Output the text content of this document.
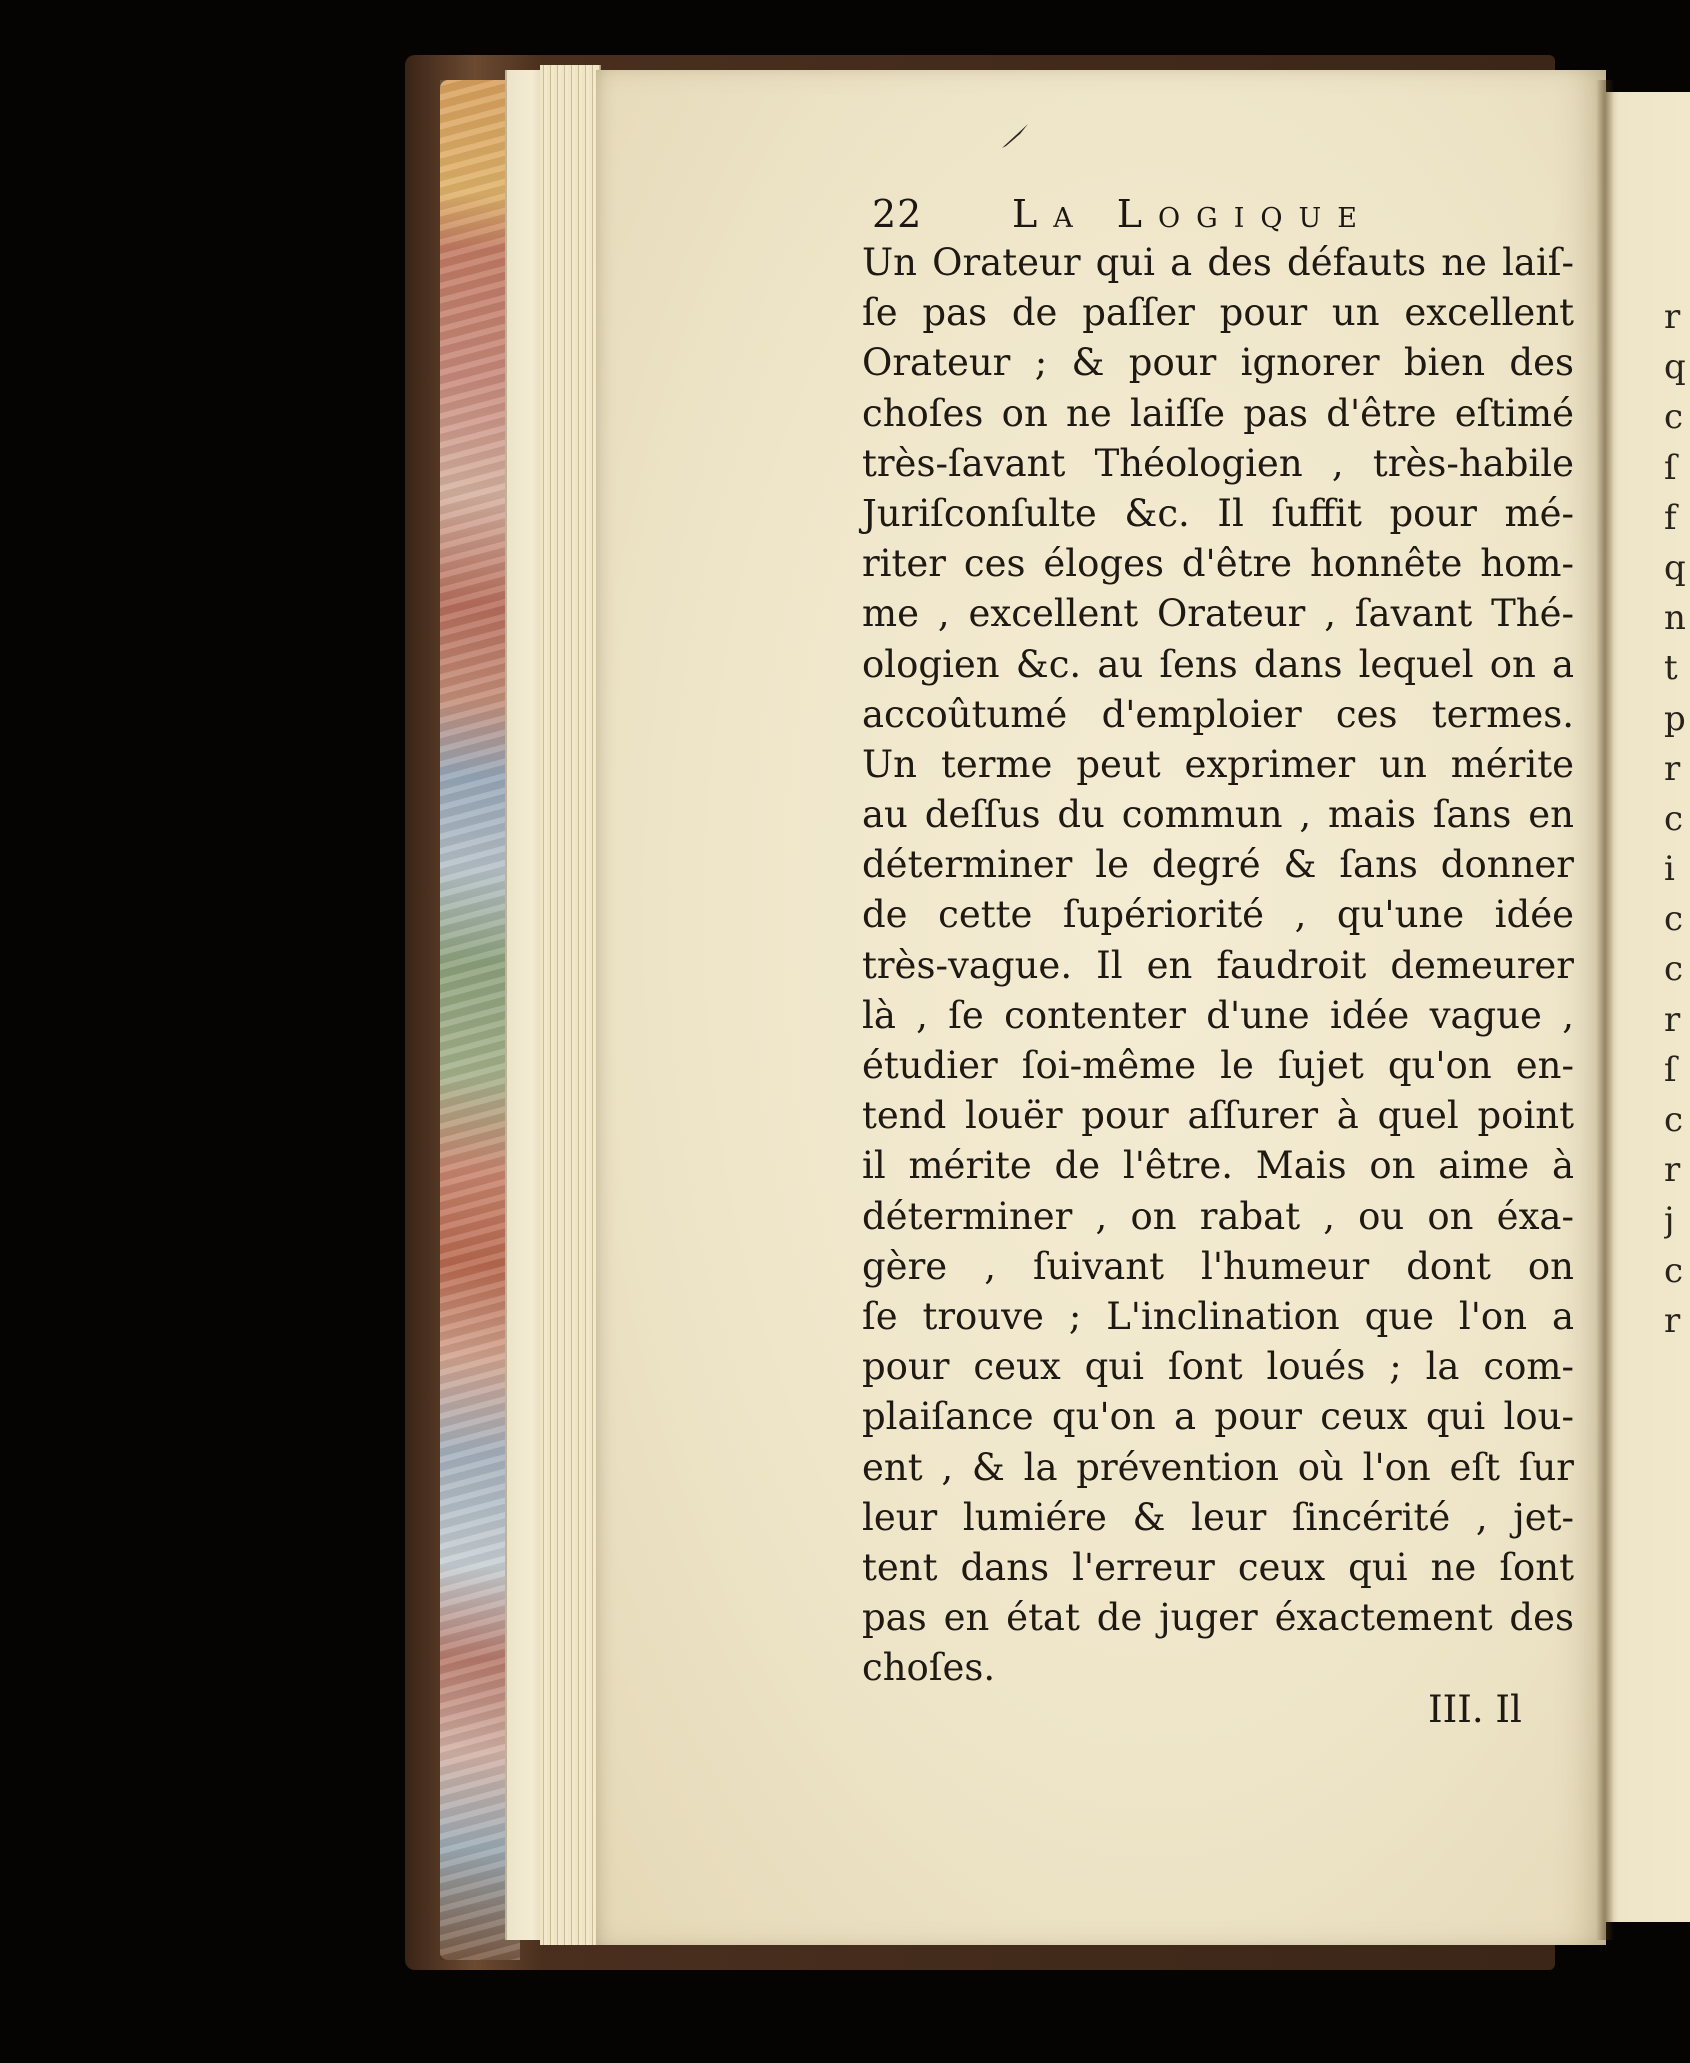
22 La Logique
Un Orateur qui a des défauts ne laiſ-
ſe pas de paſſer pour un excellent
Orateur ; & pour ignorer bien des
choſes on ne laiſſe pas d'être eſtimé
très-ſavant Théologien , très-habile
Juriſconſulte &c. Il ſuffit pour mé-
riter ces éloges d'être honnête hom-
me , excellent Orateur , ſavant Thé-
ologien &c. au ſens dans lequel on a
accoûtumé d'emploier ces termes.
Un terme peut exprimer un mérite
au deſſus du commun , mais ſans en
déterminer le degré & ſans donner
de cette ſupériorité , qu'une idée
très-vague. Il en faudroit demeurer
là , ſe contenter d'une idée vague ,
étudier ſoi-même le ſujet qu'on en-
tend louër pour aſſurer à quel point
il mérite de l'être. Mais on aime à
déterminer , on rabat , ou on éxa-
gère , ſuivant l'humeur dont on
ſe trouve ; L'inclination que l'on a
pour ceux qui ſont loués ; la com-
plaiſance qu'on a pour ceux qui lou-
ent , & la prévention où l'on eſt ſur
leur lumiére & leur ſincérité , jet-
tent dans l'erreur ceux qui ne ſont
pas en état de juger éxactement des
choſes.
III. Il
r
q
c
ſ
f
q
n
t
p
r
c
i
c
c
r
ſ
c
r
j
c
r
